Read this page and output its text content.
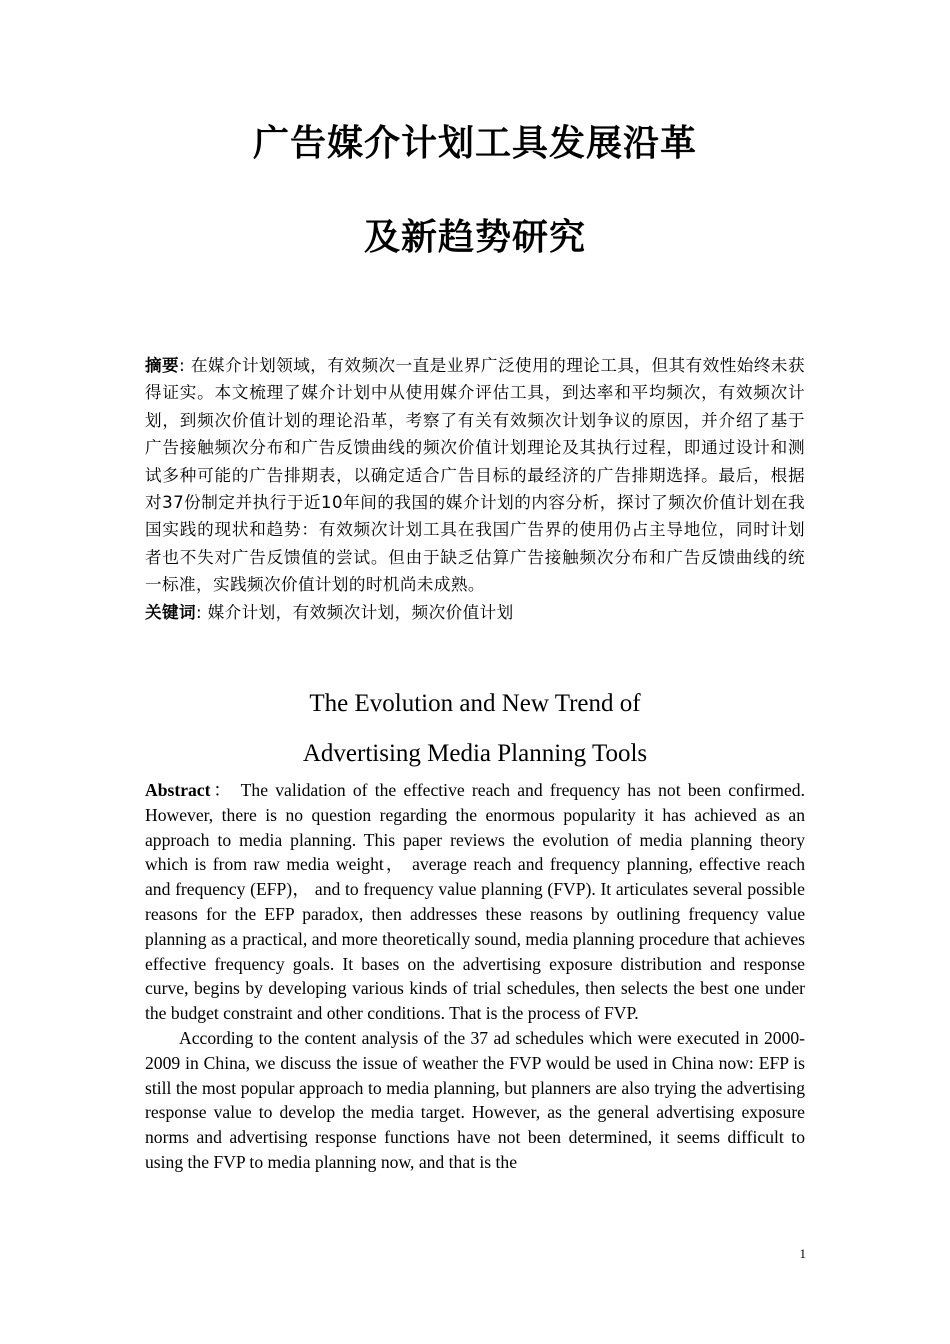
广告媒介计划工具发展沿革
及新趋势研究

摘要: 在媒介计划领域，有效频次一直是业界广泛使用的理论工具，但其有效性始终未获得证实。本文梳理了媒介计划中从使用媒介评估工具，到达率和平均频次，有效频次计划，到频次价值计划的理论沿革，考察了有关有效频次计划争议的原因，并介绍了基于广告接触频次分布和广告反馈曲线的频次价值计划理论及其执行过程，即通过设计和测试多种可能的广告排期表，以确定适合广告目标的最经济的广告排期选择。最后，根据对37份制定并执行于近10年间的我国的媒介计划的内容分析，探讨了频次价值计划在我国实践的现状和趋势：有效频次计划工具在我国广告界的使用仍占主导地位，同时计划者也不失对广告反馈值的尝试。但由于缺乏估算广告接触频次分布和广告反馈曲线的统一标准，实践频次价值计划的时机尚未成熟。

关键词: 媒介计划，有效频次计划，频次价值计划

The Evolution and New Trend of
Advertising Media Planning Tools

Abstract： The validation of the effective reach and frequency has not been confirmed. However, there is no question regarding the enormous popularity it has achieved as an approach to media planning. This paper reviews the evolution of media planning theory which is from raw media weight， average reach and frequency planning, effective reach and frequency (EFP)， and to frequency value planning (FVP). It articulates several possible reasons for the EFP paradox, then addresses these reasons by outlining frequency value planning as a practical, and more theoretically sound, media planning procedure that achieves effective frequency goals. It bases on the advertising exposure distribution and response curve, begins by developing various kinds of trial schedules, then selects the best one under the budget constraint and other conditions. That is the process of FVP.

According to the content analysis of the 37 ad schedules which were executed in 2000-2009 in China, we discuss the issue of weather the FVP would be used in China now: EFP is still the most popular approach to media planning, but planners are also trying the advertising response value to develop the media target. However, as the general advertising exposure norms and advertising response functions have not been determined, it seems difficult to using the FVP to media planning now, and that is the

1
